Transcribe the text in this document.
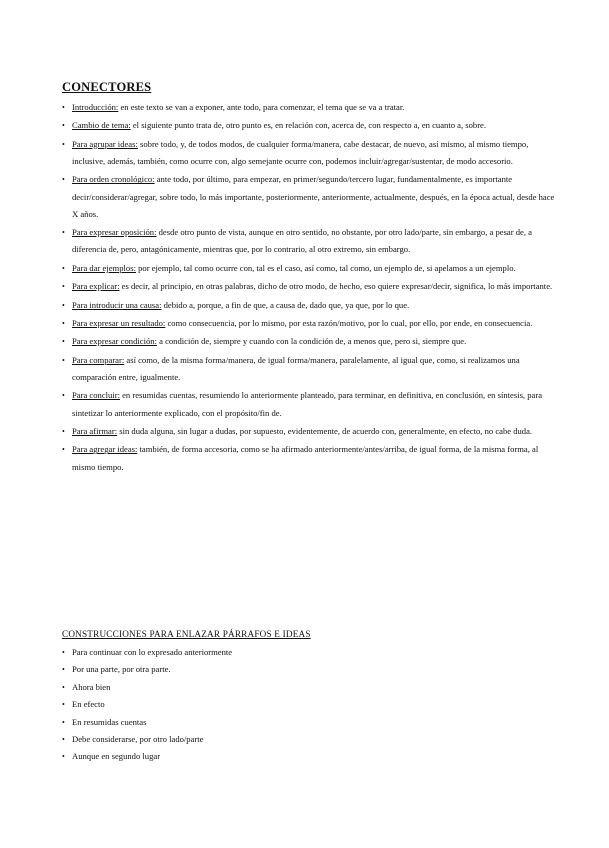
CONECTORES
• Introducción: en este texto se van a exponer, ante todo, para comenzar, el tema que se va a tratar.
• Cambio de tema: el siguiente punto trata de, otro punto es, en relación con, acerca de, con respecto a, en cuanto a, sobre.
• Para agrupar ideas: sobre todo, y, de todos modos, de cualquier forma/manera, cabe destacar, de nuevo, así mismo, al mismo tiempo, inclusive, además, también, como ocurre con, algo semejante ocurre con, podemos incluir/agregar/sustentar, de modo accesorio.
• Para orden cronológico: ante todo, por último, para empezar, en primer/segundo/tercero lugar, fundamentalmente, es importante decir/considerar/agregar, sobre todo, lo más importante, posteriormente, anteriormente, actualmente, después, en la época actual, desde hace X años.
• Para expresar oposición: desde otro punto de vista, aunque en otro sentido, no obstante, por otro lado/parte, sin embargo, a pesar de, a diferencia de, pero, antagónicamente, mientras que, por lo contrario, al otro extremo, sin embargo.
• Para dar ejemplos: por ejemplo, tal como ocurre con, tal es el caso, así como, tal como, un ejemplo de, si apelamos a un ejemplo.
• Para explicar: es decir, al principio, en otras palabras, dicho de otro modo, de hecho, eso quiere expresar/decir, significa, lo más importante.
• Para introducir una causa: debido a, porque, a fin de que, a causa de, dado que, ya que, por lo que.
• Para expresar un resultado: como consecuencia, por lo mismo, por esta razón/motivo, por lo cual, por ello, por ende, en consecuencia.
• Para expresar condición: a condición de, siempre y cuando con la condición de, a menos que, pero si, siempre que.
• Para comparar: así como, de la misma forma/manera, de igual forma/manera, paralelamente, al igual que, como, si realizamos una comparación entre, igualmente.
• Para concluir: en resumidas cuentas, resumiendo lo anteriormente planteado, para terminar, en definitiva, en conclusión, en síntesis, para sintetizar lo anteriormente explicado, con el propósito/fin de.
• Para afirmar: sin duda alguna, sin lugar a dudas, por supuesto, evidentemente, de acuerdo con, generalmente, en efecto, no cabe duda.
• Para agregar ideas: también, de forma accesoria, como se ha afirmado anteriormente/antes/arriba, de igual forma, de la misma forma, al mismo tiempo.
CONSTRUCCIONES PARA ENLAZAR PÁRRAFOS E IDEAS
• Para continuar con lo expresado anteriormente
• Por una parte, por otra parte.
• Ahora bien
• En efecto
• En resumidas cuentas
• Debe considerarse, por otro lado/parte
• Aunque en segundo lugar
